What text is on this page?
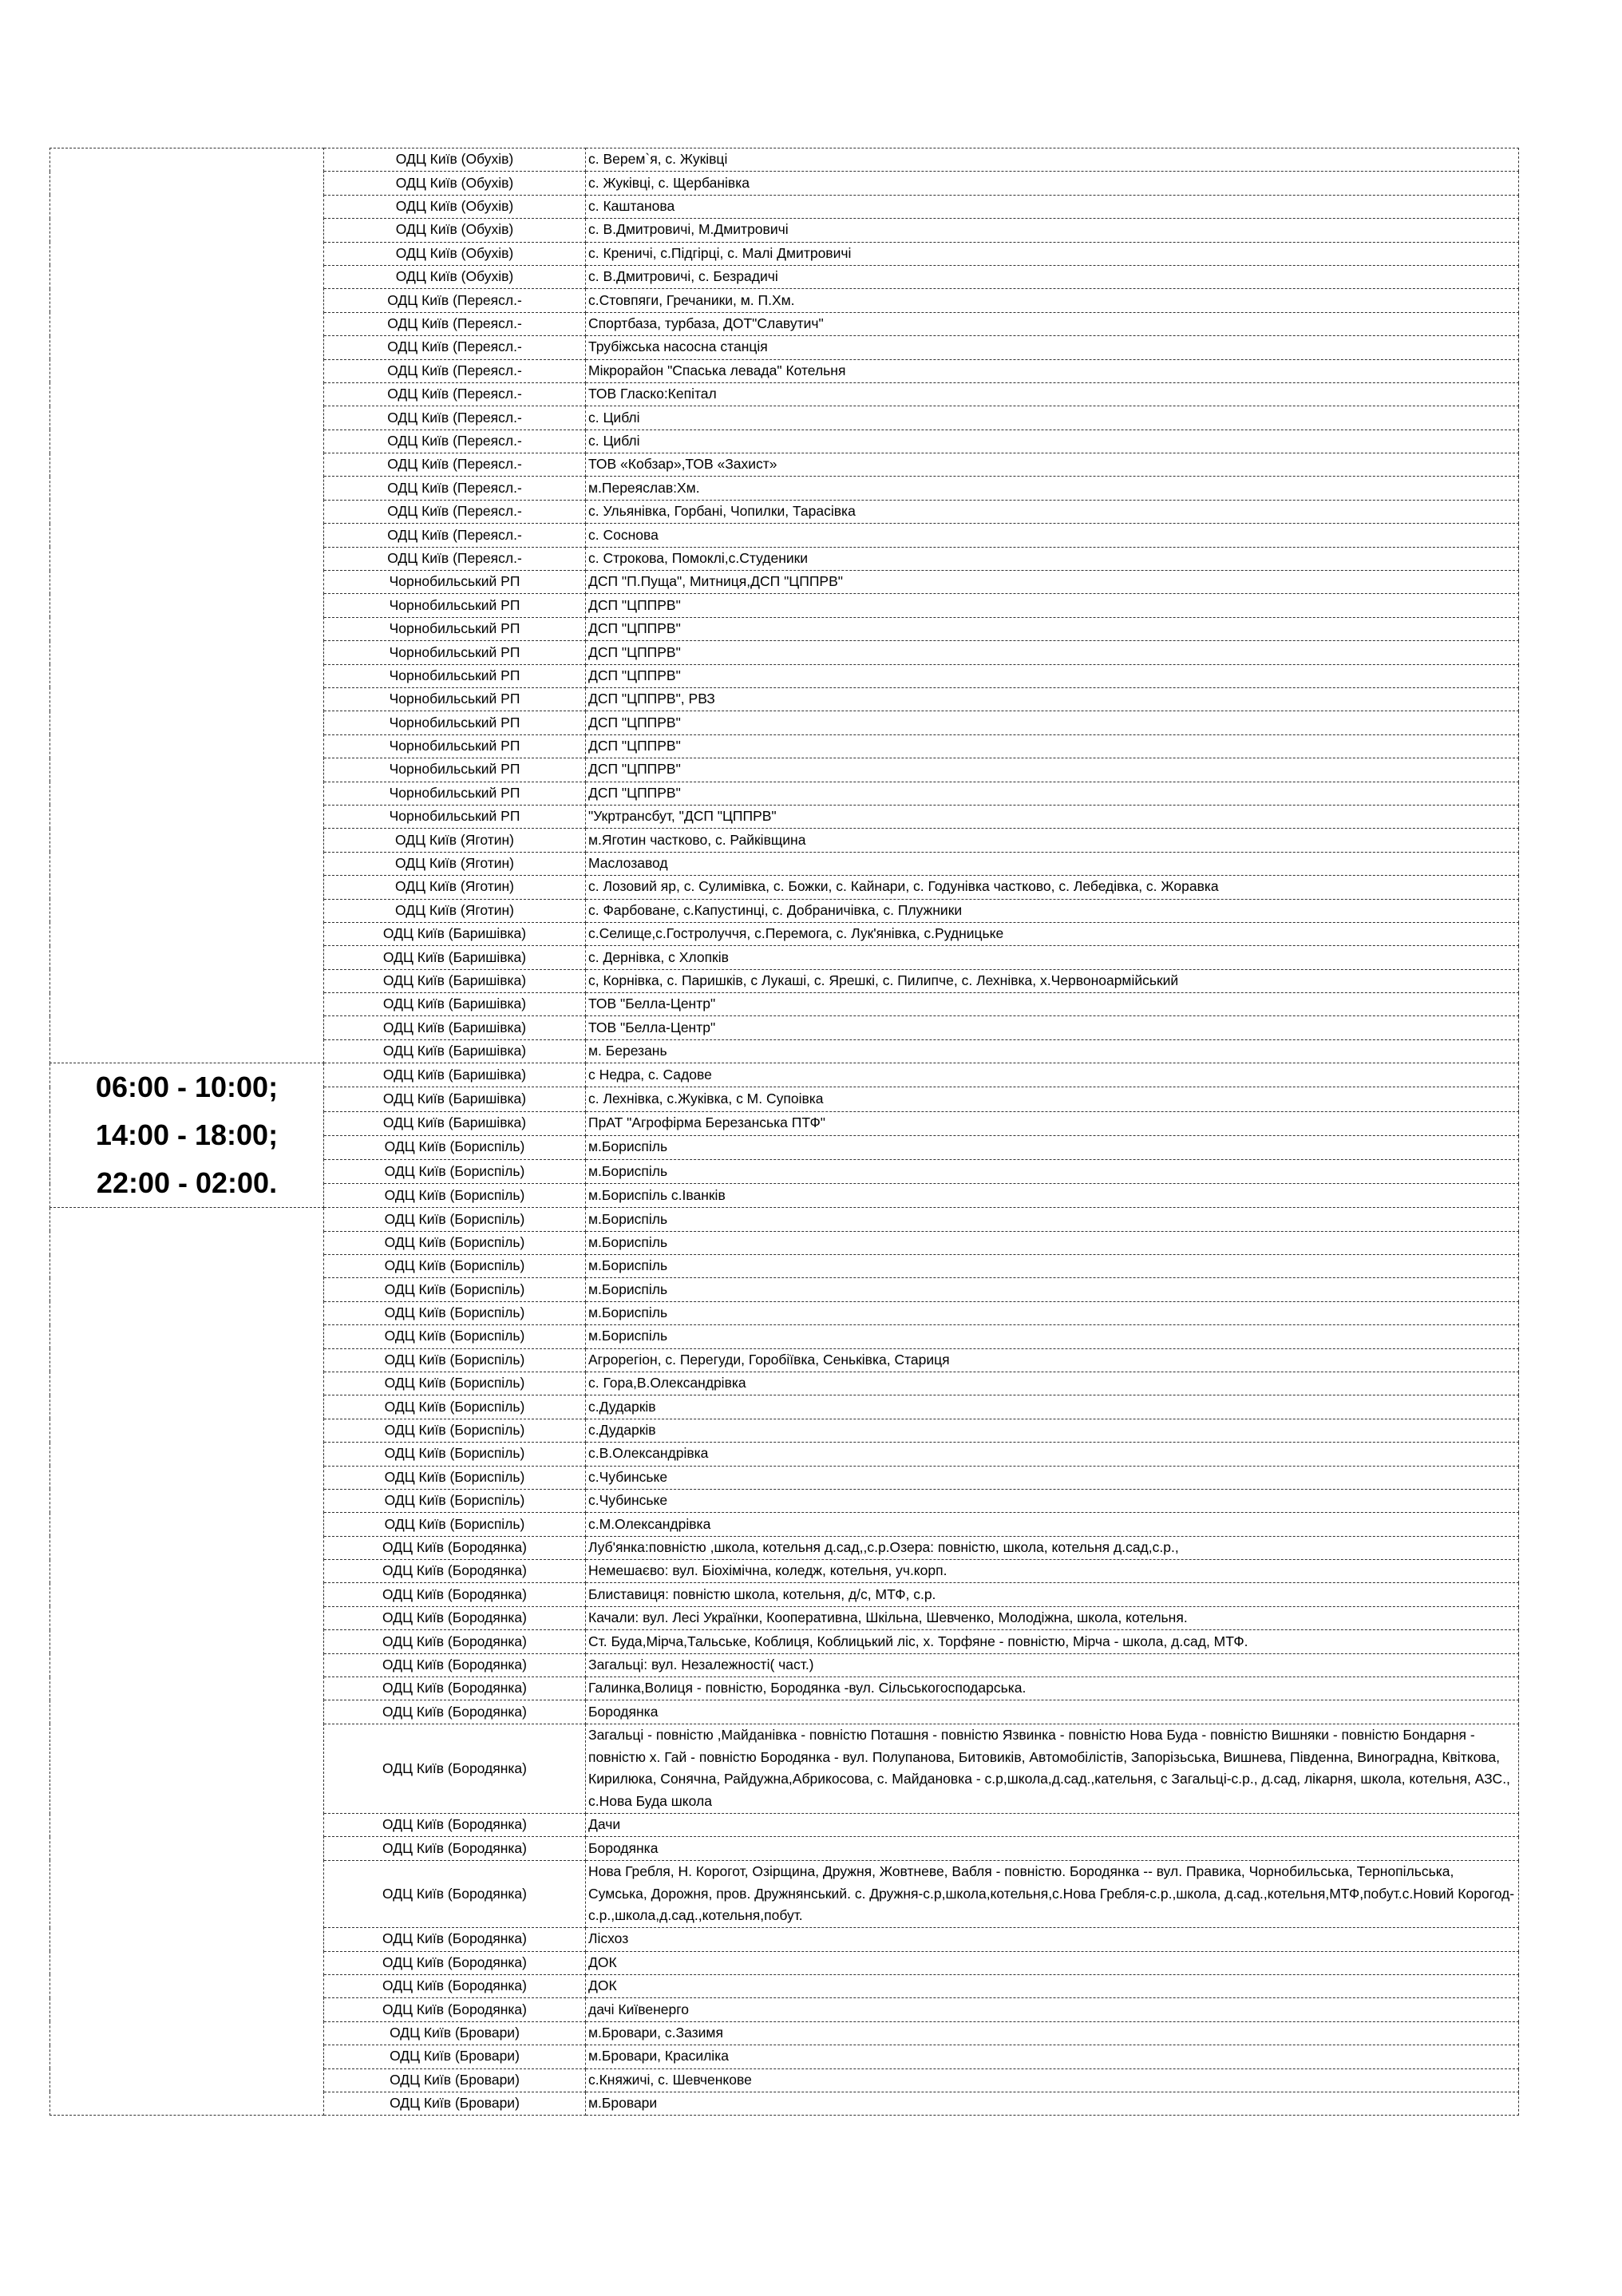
	ОДЦ Київ (Обухів)	с. Верем`я, с. Жуківці
	ОДЦ Київ (Обухів)	с. Жуківці, с. Щербанівка
	ОДЦ Київ (Обухів)	с. Каштанова
	ОДЦ Київ (Обухів)	с. В.Дмитровичі, М.Дмитровичі
	ОДЦ Київ (Обухів)	с. Креничі, с.Підгірці, с. Малі Дмитровичі
	ОДЦ Київ (Обухів)	с. В.Дмитровичі, с. Безрадичі
	ОДЦ Київ (Переясл.-	с.Стовпяги, Гречаники, м. П.Хм.
	ОДЦ Київ (Переясл.-	Спортбаза, турбаза, ДОТ"Славутич"
	ОДЦ Київ (Переясл.-	Трубіжська насосна станція
	ОДЦ Київ (Переясл.-	Мікрорайон "Спаська левада" Котельня
	ОДЦ Київ (Переясл.-	ТОВ Гласко:Кепітал
	ОДЦ Київ (Переясл.-	с. Циблі
	ОДЦ Київ (Переясл.-	с. Циблі
	ОДЦ Київ (Переясл.-	ТОВ «Кобзар»,ТОВ «Захист»
	ОДЦ Київ (Переясл.-	м.Переяслав:Хм.
	ОДЦ Київ (Переясл.-	с. Ульянівка, Горбані, Чопилки, Тарасівка
	ОДЦ Київ (Переясл.-	с. Соснова
	ОДЦ Київ (Переясл.-	с. Строкова, Помоклі,с.Студеники
	Чорнобильський РП	ДСП "П.Пуща", Митниця,ДСП "ЦППРВ"
	Чорнобильський РП	ДСП "ЦППРВ"
	Чорнобильський РП	ДСП "ЦППРВ"
	Чорнобильський РП	ДСП "ЦППРВ"
	Чорнобильський РП	ДСП "ЦППРВ"
	Чорнобильський РП	ДСП "ЦППРВ", РВЗ
	Чорнобильський РП	ДСП "ЦППРВ"
	Чорнобильський РП	ДСП "ЦППРВ"
	Чорнобильський РП	ДСП "ЦППРВ"
	Чорнобильський РП	ДСП "ЦППРВ"
	Чорнобильський РП	"Укртрансбут, "ДСП "ЦППРВ"
	ОДЦ Київ (Яготин)	м.Яготин частково, с. Райківщина
	ОДЦ Київ (Яготин)	Маслозавод
	ОДЦ Київ (Яготин)	с. Лозовий яр, с. Сулимівка, с. Божки, с. Кайнари, с. Годунівка частково, с. Лебедівка, с. Жоравка
	ОДЦ Київ (Яготин)	с. Фарбоване, с.Капустинці, с. Добраничівка, с. Плужники
	ОДЦ Київ (Баришівка)	с.Селище,с.Гостролуччя, с.Перемога, с. Лук'янівка, с.Рудницьке
	ОДЦ Київ (Баришівка)	с. Дернівка, с Хлопків
	ОДЦ Київ (Баришівка)	с, Корнівка, с. Паришків, с Лукаші, с. Ярешкі, с. Пилипче, с. Лехнівка, х.Червоноармійський
	ОДЦ Київ (Баришівка)	ТОВ "Белла-Центр"
	ОДЦ Київ (Баришівка)	ТОВ "Белла-Центр"
	ОДЦ Київ (Баришівка)	м. Березань

06:00 - 10:00;
14:00 - 18:00;
22:00 - 02:00.	ОДЦ Київ (Баришівка)	с Недра, с. Садове
	ОДЦ Київ (Баришівка)	с. Лехнівка, с.Жуківка, с М. Супоівка
	ОДЦ Київ (Баришівка)	ПрАТ "Агрофірма Березанська ПТФ"
	ОДЦ Київ (Бориспіль)	м.Бориспіль
	ОДЦ Київ (Бориспіль)	м.Бориспіль
	ОДЦ Київ (Бориспіль)	м.Бориспіль с.Іванків
	ОДЦ Київ (Бориспіль)	м.Бориспіль
	ОДЦ Київ (Бориспіль)	м.Бориспіль
	ОДЦ Київ (Бориспіль)	м.Бориспіль
	ОДЦ Київ (Бориспіль)	м.Бориспіль
	ОДЦ Київ (Бориспіль)	м.Бориспіль
	ОДЦ Київ (Бориспіль)	м.Бориспіль
	ОДЦ Київ (Бориспіль)	Агрорегіон, с. Перегуди, Горобіївка, Сеньківка, Стариця
	ОДЦ Київ (Бориспіль)	с. Гора,В.Олександрівка
	ОДЦ Київ (Бориспіль)	с.Дударків
	ОДЦ Київ (Бориспіль)	с.Дударків
	ОДЦ Київ (Бориспіль)	с.В.Олександрівка
	ОДЦ Київ (Бориспіль)	с.Чубинське
	ОДЦ Київ (Бориспіль)	с.Чубинське
	ОДЦ Київ (Бориспіль)	с.М.Олександрівка
	ОДЦ Київ (Бородянка)	Луб'янка:повністю ,школа, котельня д.сад,,с.р.Озера: повністю, школа, котельня д.сад,с.р.,
	ОДЦ Київ (Бородянка)	Немешаєво: вул. Біохімічна, коледж, котельня, уч.корп.
	ОДЦ Київ (Бородянка)	Блиставиця: повністю школа, котельня, д/с, МТФ, с.р.
	ОДЦ Київ (Бородянка)	Качали: вул. Лесі Українки, Кооперативна, Шкільна, Шевченко, Молодіжна, школа, котельня.
	ОДЦ Київ (Бородянка)	Ст. Буда,Мірча,Тальське, Коблиця, Коблицький ліс, х. Торфяне - повністю, Мірча - школа, д.сад, МТФ.
	ОДЦ Київ (Бородянка)	Загальці: вул. Незалежності( част.)
	ОДЦ Київ (Бородянка)	Галинка,Волиця - повністю, Бородянка -вул. Сільськогосподарська.
	ОДЦ Київ (Бородянка)	Бородянка
	ОДЦ Київ (Бородянка)	Загальці - повністю ,Майданівка - повністю Поташня - повністю Язвинка - повністю Нова Буда - повністю Вишняки - повністю Бондарня - повністю х. Гай - повністю Бородянка - вул. Полупанова, Битовиків, Автомобілістів, Запорізьська, Вишнева, Південна, Виноградна, Квіткова, Кирилюка, Сонячна, Райдужна,Абрикосова, с. Майдановка - с.р,школа,д.сад.,кательня, с Загальці-с.р., д.сад, лікарня, школа, котельня, АЗС., с.Нова Буда школа
	ОДЦ Київ (Бородянка)	Дачи
	ОДЦ Київ (Бородянка)	Бородянка
	ОДЦ Київ (Бородянка)	Нова Гребля, Н. Корогот, Озірщина, Дружня, Жовтневе, Вабля - повністю. Бородянка -- вул. Правика, Чорнобильська, Тернопільська, Сумська, Дорожня, пров. Дружнянський. с. Дружня-с.р,школа,котельня,с.Нова Гребля-с.р.,школа, д.сад.,котельня,МТФ,побут.с.Новий Корогод-с.р.,школа,д.сад.,котельня,побут.
	ОДЦ Київ (Бородянка)	Лісхоз
	ОДЦ Київ (Бородянка)	ДОК
	ОДЦ Київ (Бородянка)	ДОК
	ОДЦ Київ (Бородянка)	дачі Київенерго
	ОДЦ Київ (Бровари)	м.Бровари, с.Зазимя
	ОДЦ Київ (Бровари)	м.Бровари, Красиліка
	ОДЦ Київ (Бровари)	с.Княжичі, с. Шевченкове
	ОДЦ Київ (Бровари)	м.Бровари
